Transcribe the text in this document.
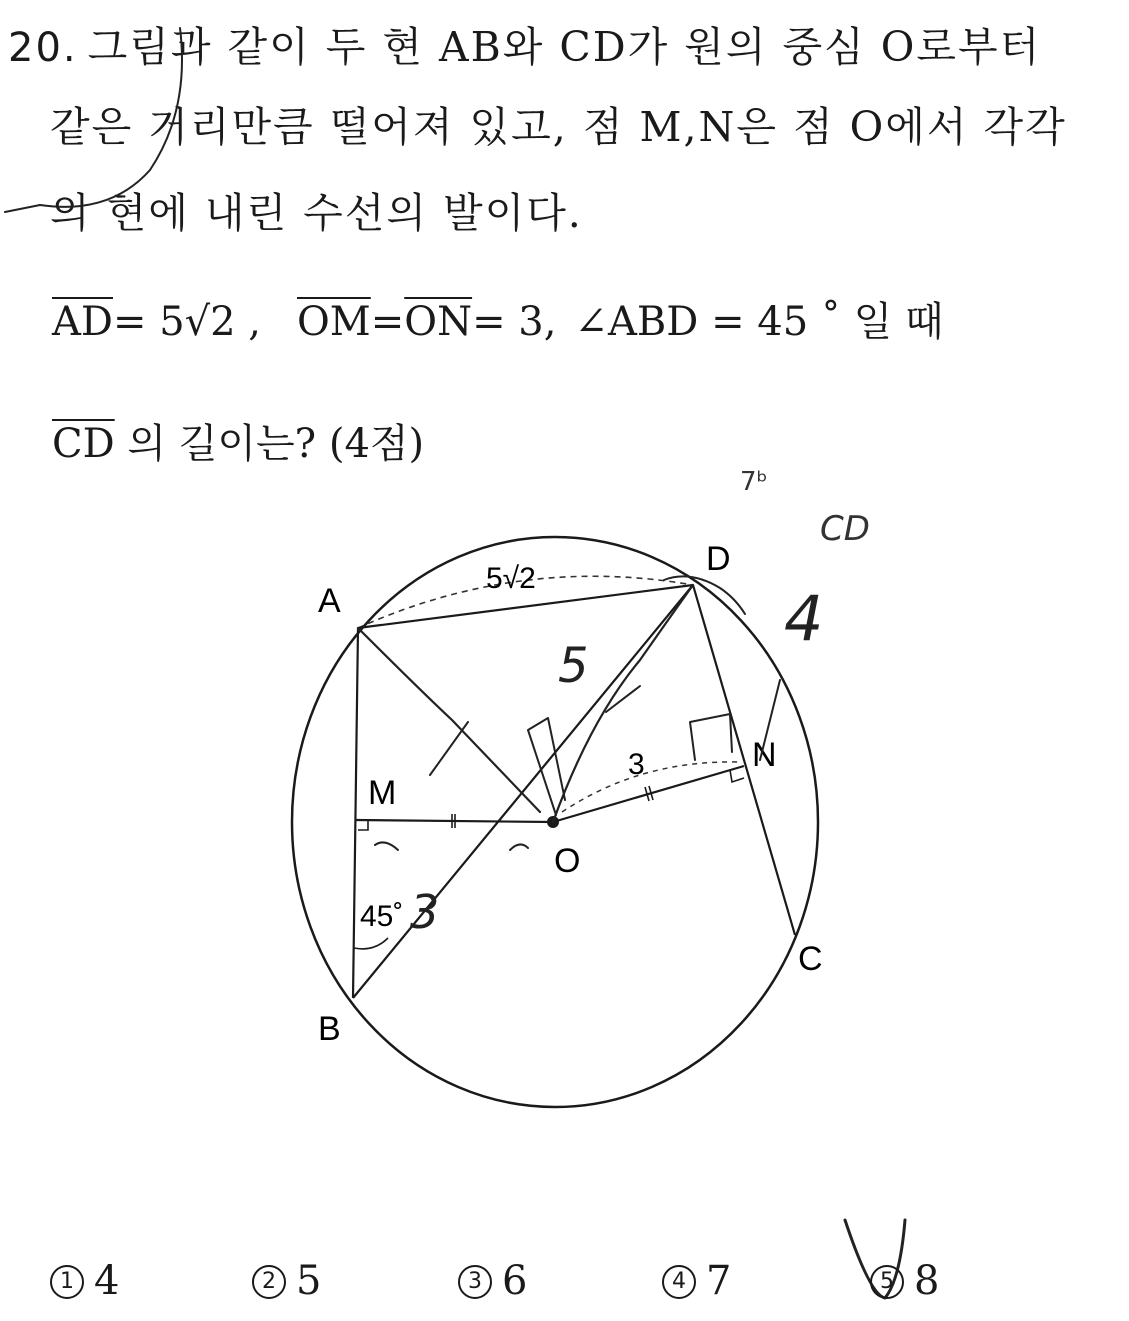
20. 그림과 같이 두 현 AB와 CD가 원의 중심 O로부터
같은 거리만큼 떨어져 있고, 점 M,N은 점 O에서 각각
의 현에 내린 수선의 발이다.
$\overline{AD}= 5√2$ , $\overline{OM}=\overline{ON}= 3$, ∠ABD = 45 ˚ 일 때
$\overline{CD}$ 의 길이는? (4점)
A
B
C
D
M
N
O
5√2
3
45˚
7ᵇ
CD
4
5
3
1 4	2 5	3 6	4 7	5 8
